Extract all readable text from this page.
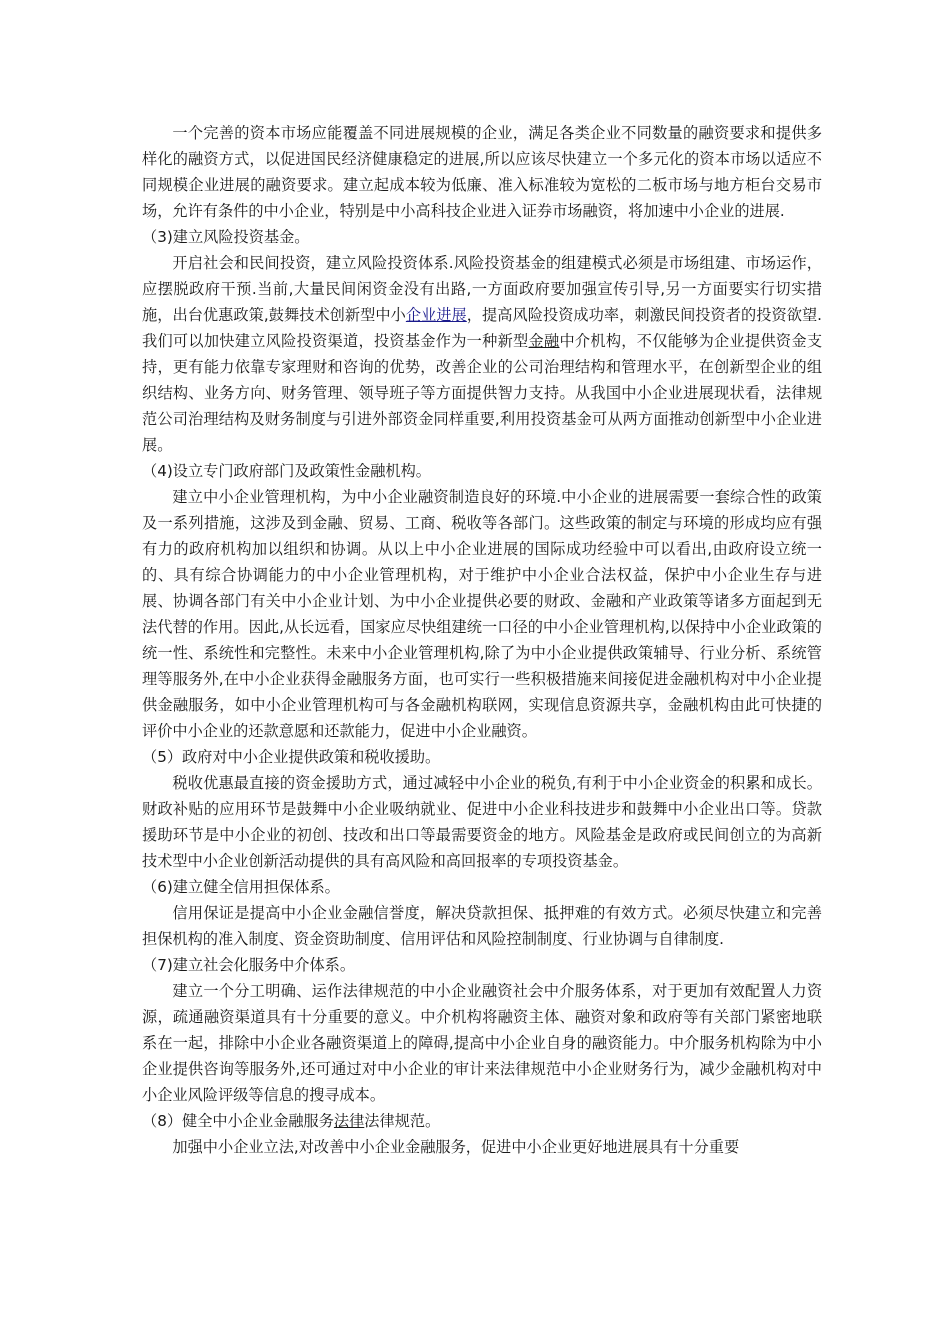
一个完善的资本市场应能覆盖不同进展规模的企业，满足各类企业不同数量的融资要求和提供多样化的融资方式，以促进国民经济健康稳定的进展,所以应该尽快建立一个多元化的资本市场以适应不同规模企业进展的融资要求。建立起成本较为低廉、准入标准较为宽松的二板市场与地方柜台交易市场，允许有条件的中小企业，特别是中小高科技企业进入证券市场融资，将加速中小企业的进展.

（3)建立风险投资基金。

开启社会和民间投资，建立风险投资体系.风险投资基金的组建模式必须是市场组建、市场运作，应摆脱政府干预.当前,大量民间闲资金没有出路,一方面政府要加强宣传引导,另一方面要实行切实措施，出台优惠政策,鼓舞技术创新型中小企业进展，提高风险投资成功率，刺激民间投资者的投资欲望.我们可以加快建立风险投资渠道，投资基金作为一种新型金融中介机构，不仅能够为企业提供资金支持，更有能力依靠专家理财和咨询的优势，改善企业的公司治理结构和管理水平，在创新型企业的组织结构、业务方向、财务管理、领导班子等方面提供智力支持。从我国中小企业进展现状看，法律规范公司治理结构及财务制度与引进外部资金同样重要,利用投资基金可从两方面推动创新型中小企业进展。

（4)设立专门政府部门及政策性金融机构。

建立中小企业管理机构，为中小企业融资制造良好的环境.中小企业的进展需要一套综合性的政策及一系列措施，这涉及到金融、贸易、工商、税收等各部门。这些政策的制定与环境的形成均应有强有力的政府机构加以组织和协调。从以上中小企业进展的国际成功经验中可以看出,由政府设立统一的、具有综合协调能力的中小企业管理机构，对于维护中小企业合法权益，保护中小企业生存与进展、协调各部门有关中小企业计划、为中小企业提供必要的财政、金融和产业政策等诸多方面起到无法代替的作用。因此,从长远看，国家应尽快组建统一口径的中小企业管理机构,以保持中小企业政策的统一性、系统性和完整性。未来中小企业管理机构,除了为中小企业提供政策辅导、行业分析、系统管理等服务外,在中小企业获得金融服务方面，也可实行一些积极措施来间接促进金融机构对中小企业提供金融服务，如中小企业管理机构可与各金融机构联网，实现信息资源共享，金融机构由此可快捷的评价中小企业的还款意愿和还款能力，促进中小企业融资。

（5）政府对中小企业提供政策和税收援助。

税收优惠最直接的资金援助方式，通过减轻中小企业的税负,有利于中小企业资金的积累和成长。财政补贴的应用环节是鼓舞中小企业吸纳就业、促进中小企业科技进步和鼓舞中小企业出口等。贷款援助环节是中小企业的初创、技改和出口等最需要资金的地方。风险基金是政府或民间创立的为高新技术型中小企业创新活动提供的具有高风险和高回报率的专项投资基金。

（6)建立健全信用担保体系。

信用保证是提高中小企业金融信誉度，解决贷款担保、抵押难的有效方式。必须尽快建立和完善担保机构的准入制度、资金资助制度、信用评估和风险控制制度、行业协调与自律制度.

（7)建立社会化服务中介体系。

建立一个分工明确、运作法律规范的中小企业融资社会中介服务体系，对于更加有效配置人力资源，疏通融资渠道具有十分重要的意义。中介机构将融资主体、融资对象和政府等有关部门紧密地联系在一起，排除中小企业各融资渠道上的障碍,提高中小企业自身的融资能力。中介服务机构除为中小企业提供咨询等服务外,还可通过对中小企业的审计来法律规范中小企业财务行为，减少金融机构对中小企业风险评级等信息的搜寻成本。

（8）健全中小企业金融服务法律法律规范。

加强中小企业立法,对改善中小企业金融服务，促进中小企业更好地进展具有十分重要
